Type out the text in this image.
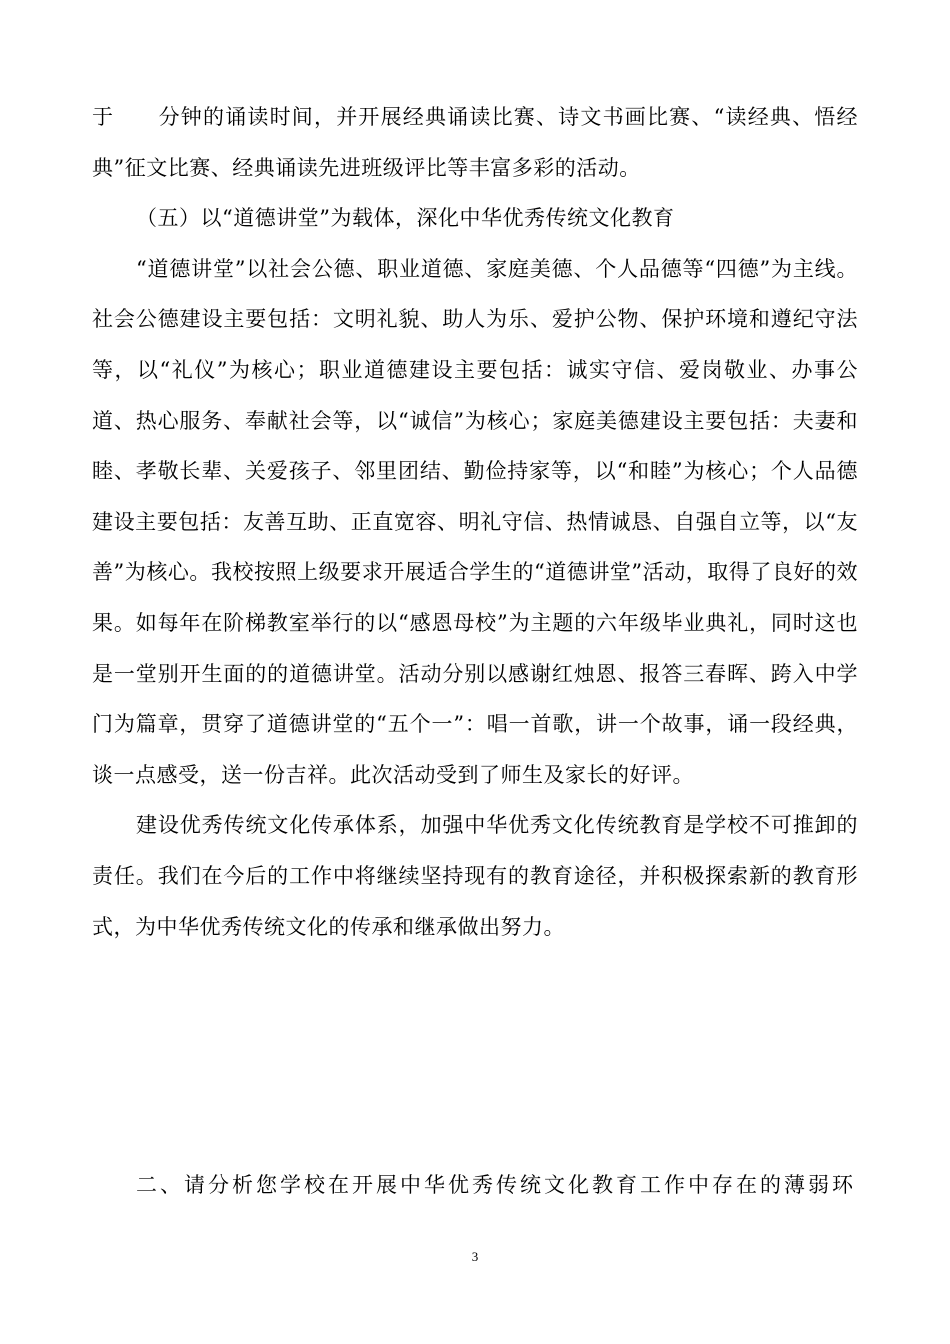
于　　分钟的诵读时间，并开展经典诵读比赛、诗文书画比赛、“读经典、悟经典”征文比赛、经典诵读先进班级评比等丰富多彩的活动。

（五）以“道德讲堂”为载体，深化中华优秀传统文化教育

“道德讲堂”以社会公德、职业道德、家庭美德、个人品德等“四德”为主线。社会公德建设主要包括：文明礼貌、助人为乐、爱护公物、保护环境和遵纪守法等，以“礼仪”为核心；职业道德建设主要包括：诚实守信、爱岗敬业、办事公道、热心服务、奉献社会等，以“诚信”为核心；家庭美德建设主要包括：夫妻和睦、孝敬长辈、关爱孩子、邻里团结、勤俭持家等，以“和睦”为核心；个人品德建设主要包括：友善互助、正直宽容、明礼守信、热情诚恳、自强自立等，以“友善”为核心。我校按照上级要求开展适合学生的“道德讲堂”活动，取得了良好的效果。如每年在阶梯教室举行的以“感恩母校”为主题的六年级毕业典礼，同时这也是一堂别开生面的的道德讲堂。活动分别以感谢红烛恩、报答三春晖、跨入中学门为篇章，贯穿了道德讲堂的“五个一”：唱一首歌，讲一个故事，诵一段经典，谈一点感受，送一份吉祥。此次活动受到了师生及家长的好评。

建设优秀传统文化传承体系，加强中华优秀文化传统教育是学校不可推卸的责任。我们在今后的工作中将继续坚持现有的教育途径，并积极探索新的教育形式，为中华优秀传统文化的传承和继承做出努力。

二、请分析您学校在开展中华优秀传统文化教育工作中存在的薄弱环

3
